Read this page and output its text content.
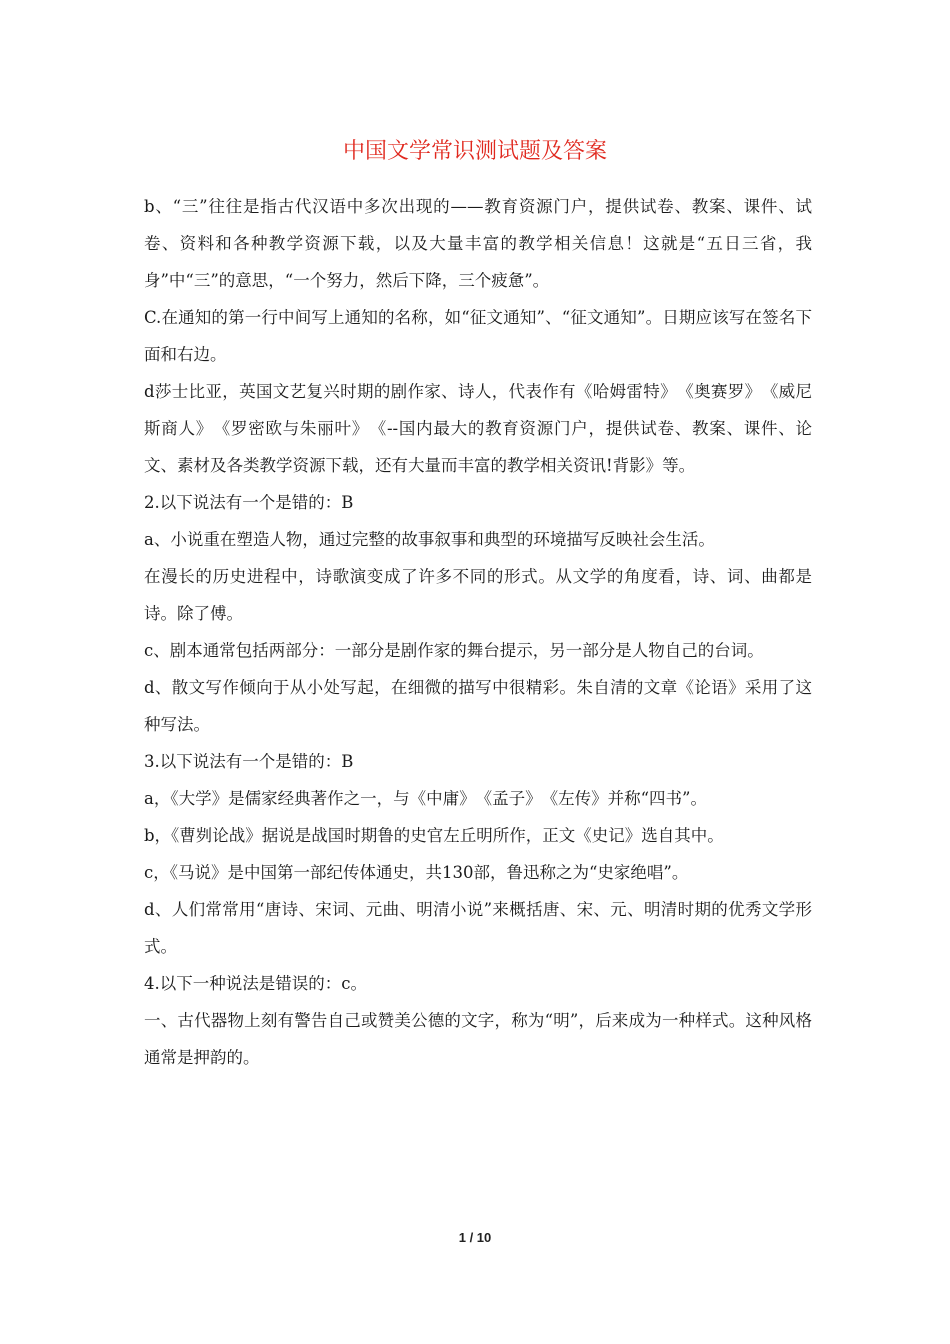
中国文学常识测试题及答案

b、“三”往往是指古代汉语中多次出现的——教育资源门户，提供试卷、教案、课件、试卷、资料和各种教学资源下载，以及大量丰富的教学相关信息！这就是“五日三省，我身”中“三”的意思，“一个努力，然后下降，三个疲惫”。

C.在通知的第一行中间写上通知的名称，如“征文通知”、“征文通知”。日期应该写在签名下面和右边。

d莎士比亚，英国文艺复兴时期的剧作家、诗人，代表作有《哈姆雷特》　《奥赛罗》　《威尼斯商人》　《罗密欧与朱丽叶》　《--国内最大的教育资源门户，提供试卷、教案、课件、论文、素材及各类教学资源下载，还有大量而丰富的教学相关资讯!背影》等。

2.以下说法有一个是错的：B

a、小说重在塑造人物，通过完整的故事叙事和典型的环境描写反映社会生活。

在漫长的历史进程中，诗歌演变成了许多不同的形式。从文学的角度看，诗、词、曲都是诗。除了傅。

c、剧本通常包括两部分：一部分是剧作家的舞台提示，另一部分是人物自己的台词。

d、散文写作倾向于从小处写起，在细微的描写中很精彩。朱自清的文章《论语》采用了这种写法。

3.以下说法有一个是错的：B

a，《大学》是儒家经典著作之一，与《中庸》　《孟子》　《左传》并称“四书”。

b，《曹刿论战》据说是战国时期鲁的史官左丘明所作，正文《史记》选自其中。

c，《马说》是中国第一部纪传体通史，共130部，鲁迅称之为“史家绝唱”。

d、人们常常用“唐诗、宋词、元曲、明清小说”来概括唐、宋、元、明清时期的优秀文学形式。

4.以下一种说法是错误的：c。

一、古代器物上刻有警告自己或赞美公德的文字，称为“明”，后来成为一种样式。这种风格通常是押韵的。

1 / 10
